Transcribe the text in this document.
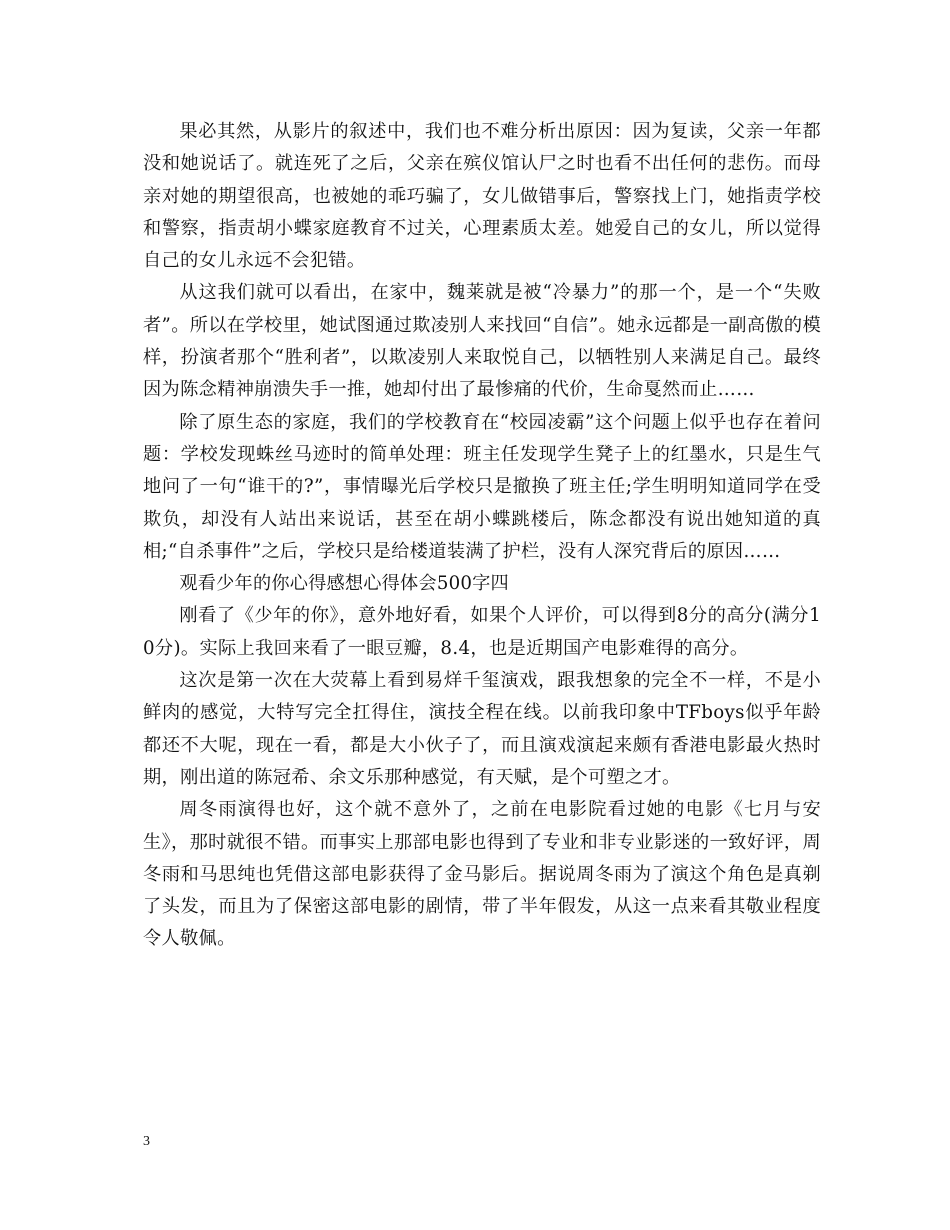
果必其然，从影片的叙述中，我们也不难分析出原因：因为复读，父亲一年都没和她说话了。就连死了之后，父亲在殡仪馆认尸之时也看不出任何的悲伤。而母亲对她的期望很高，也被她的乖巧骗了，女儿做错事后，警察找上门，她指责学校和警察，指责胡小蝶家庭教育不过关，心理素质太差。她爱自己的女儿，所以觉得自己的女儿永远不会犯错。

从这我们就可以看出，在家中，魏莱就是被“冷暴力”的那一个，是一个“失败者”。所以在学校里，她试图通过欺凌别人来找回“自信”。她永远都是一副高傲的模样，扮演者那个“胜利者”，以欺凌别人来取悦自己，以牺牲别人来满足自己。最终因为陈念精神崩溃失手一推，她却付出了最惨痛的代价，生命戛然而止……

除了原生态的家庭，我们的学校教育在“校园凌霸”这个问题上似乎也存在着问题：学校发现蛛丝马迹时的简单处理：班主任发现学生凳子上的红墨水，只是生气地问了一句“谁干的?”，事情曝光后学校只是撤换了班主任;学生明明知道同学在受欺负，却没有人站出来说话，甚至在胡小蝶跳楼后，陈念都没有说出她知道的真相;“自杀事件”之后，学校只是给楼道装满了护栏，没有人深究背后的原因……

观看少年的你心得感想心得体会500字四

刚看了《少年的你》，意外地好看，如果个人评价，可以得到8分的高分(满分10分)。实际上我回来看了一眼豆瓣，8.4，也是近期国产电影难得的高分。

这次是第一次在大荧幕上看到易烊千玺演戏，跟我想象的完全不一样，不是小鲜肉的感觉，大特写完全扛得住，演技全程在线。以前我印象中TFboys似乎年龄都还不大呢，现在一看，都是大小伙子了，而且演戏演起来颇有香港电影最火热时期，刚出道的陈冠希、余文乐那种感觉，有天赋，是个可塑之才。

周冬雨演得也好，这个就不意外了，之前在电影院看过她的电影《七月与安生》，那时就很不错。而事实上那部电影也得到了专业和非专业影迷的一致好评，周冬雨和马思纯也凭借这部电影获得了金马影后。据说周冬雨为了演这个角色是真剃了头发，而且为了保密这部电影的剧情，带了半年假发，从这一点来看其敬业程度令人敬佩。

3
